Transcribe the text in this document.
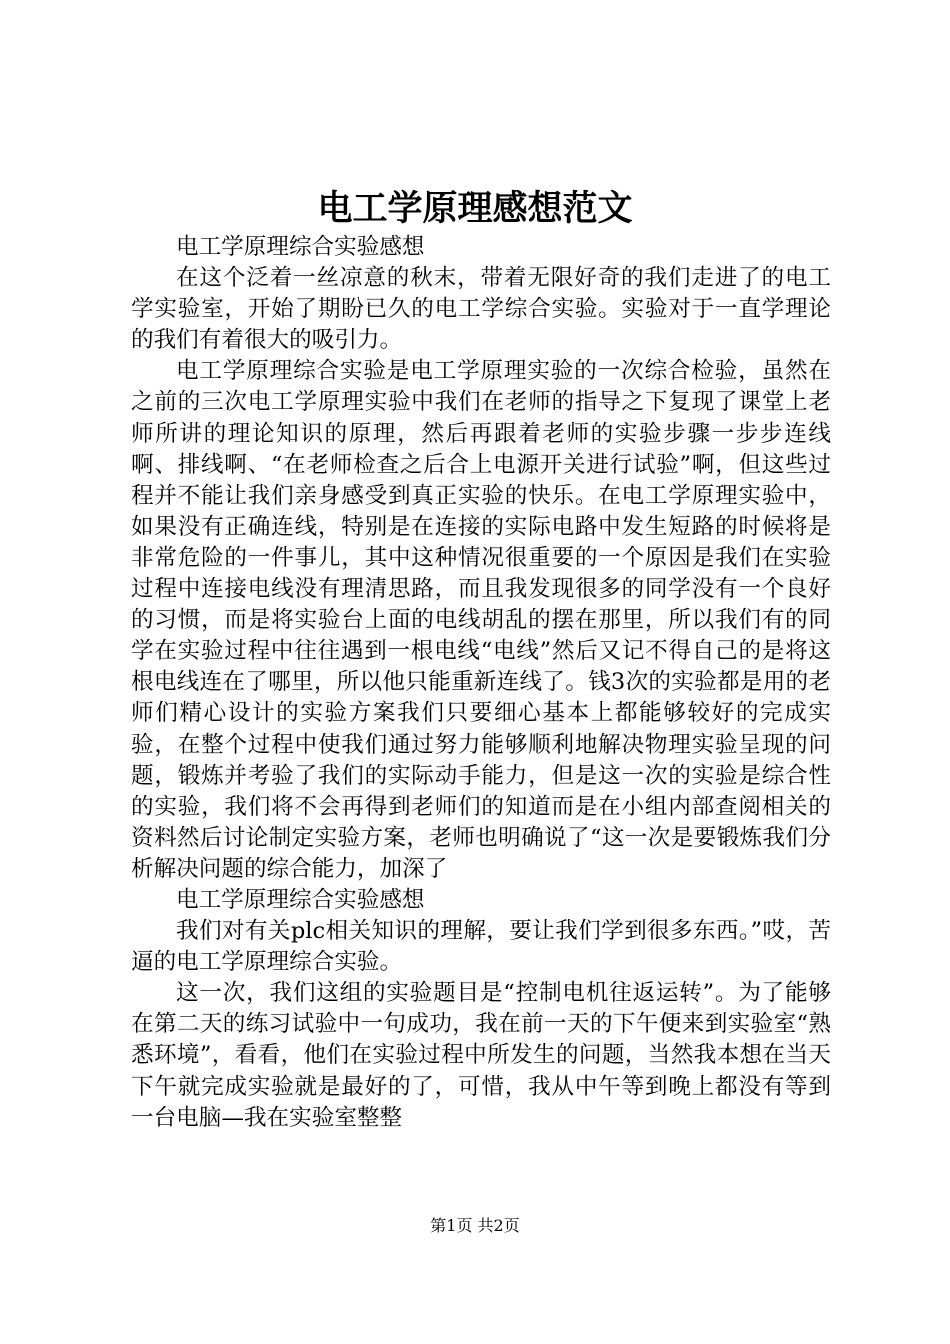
电工学原理感想范文

电工学原理综合实验感想

在这个泛着一丝凉意的秋末，带着无限好奇的我们走进了的电工学实验室，开始了期盼已久的电工学综合实验。实验对于一直学理论的我们有着很大的吸引力。

电工学原理综合实验是电工学原理实验的一次综合检验，虽然在之前的三次电工学原理实验中我们在老师的指导之下复现了课堂上老师所讲的理论知识的原理，然后再跟着老师的实验步骤一步步连线啊、排线啊、“在老师检查之后合上电源开关进行试验”啊，但这些过程并不能让我们亲身感受到真正实验的快乐。在电工学原理实验中，如果没有正确连线，特别是在连接的实际电路中发生短路的时候将是非常危险的一件事儿，其中这种情况很重要的一个原因是我们在实验过程中连接电线没有理清思路，而且我发现很多的同学没有一个良好的习惯，而是将实验台上面的电线胡乱的摆在那里，所以我们有的同学在实验过程中往往遇到一根电线“电线”然后又记不得自己的是将这根电线连在了哪里，所以他只能重新连线了。钱3次的实验都是用的老师们精心设计的实验方案我们只要细心基本上都能够较好的完成实验，在整个过程中使我们通过努力能够顺利地解决物理实验呈现的问题，锻炼并考验了我们的实际动手能力，但是这一次的实验是综合性的实验，我们将不会再得到老师们的知道而是在小组内部查阅相关的资料然后讨论制定实验方案，老师也明确说了“这一次是要锻炼我们分析解决问题的综合能力，加深了

电工学原理综合实验感想

我们对有关plc相关知识的理解，要让我们学到很多东西。”哎，苦逼的电工学原理综合实验。

这一次，我们这组的实验题目是“控制电机往返运转”。为了能够在第二天的练习试验中一句成功，我在前一天的下午便来到实验室“熟悉环境”，看看，他们在实验过程中所发生的问题，当然我本想在当天下午就完成实验就是最好的了，可惜，我从中午等到晚上都没有等到一台电脑—我在实验室整整

第1页 共2页
